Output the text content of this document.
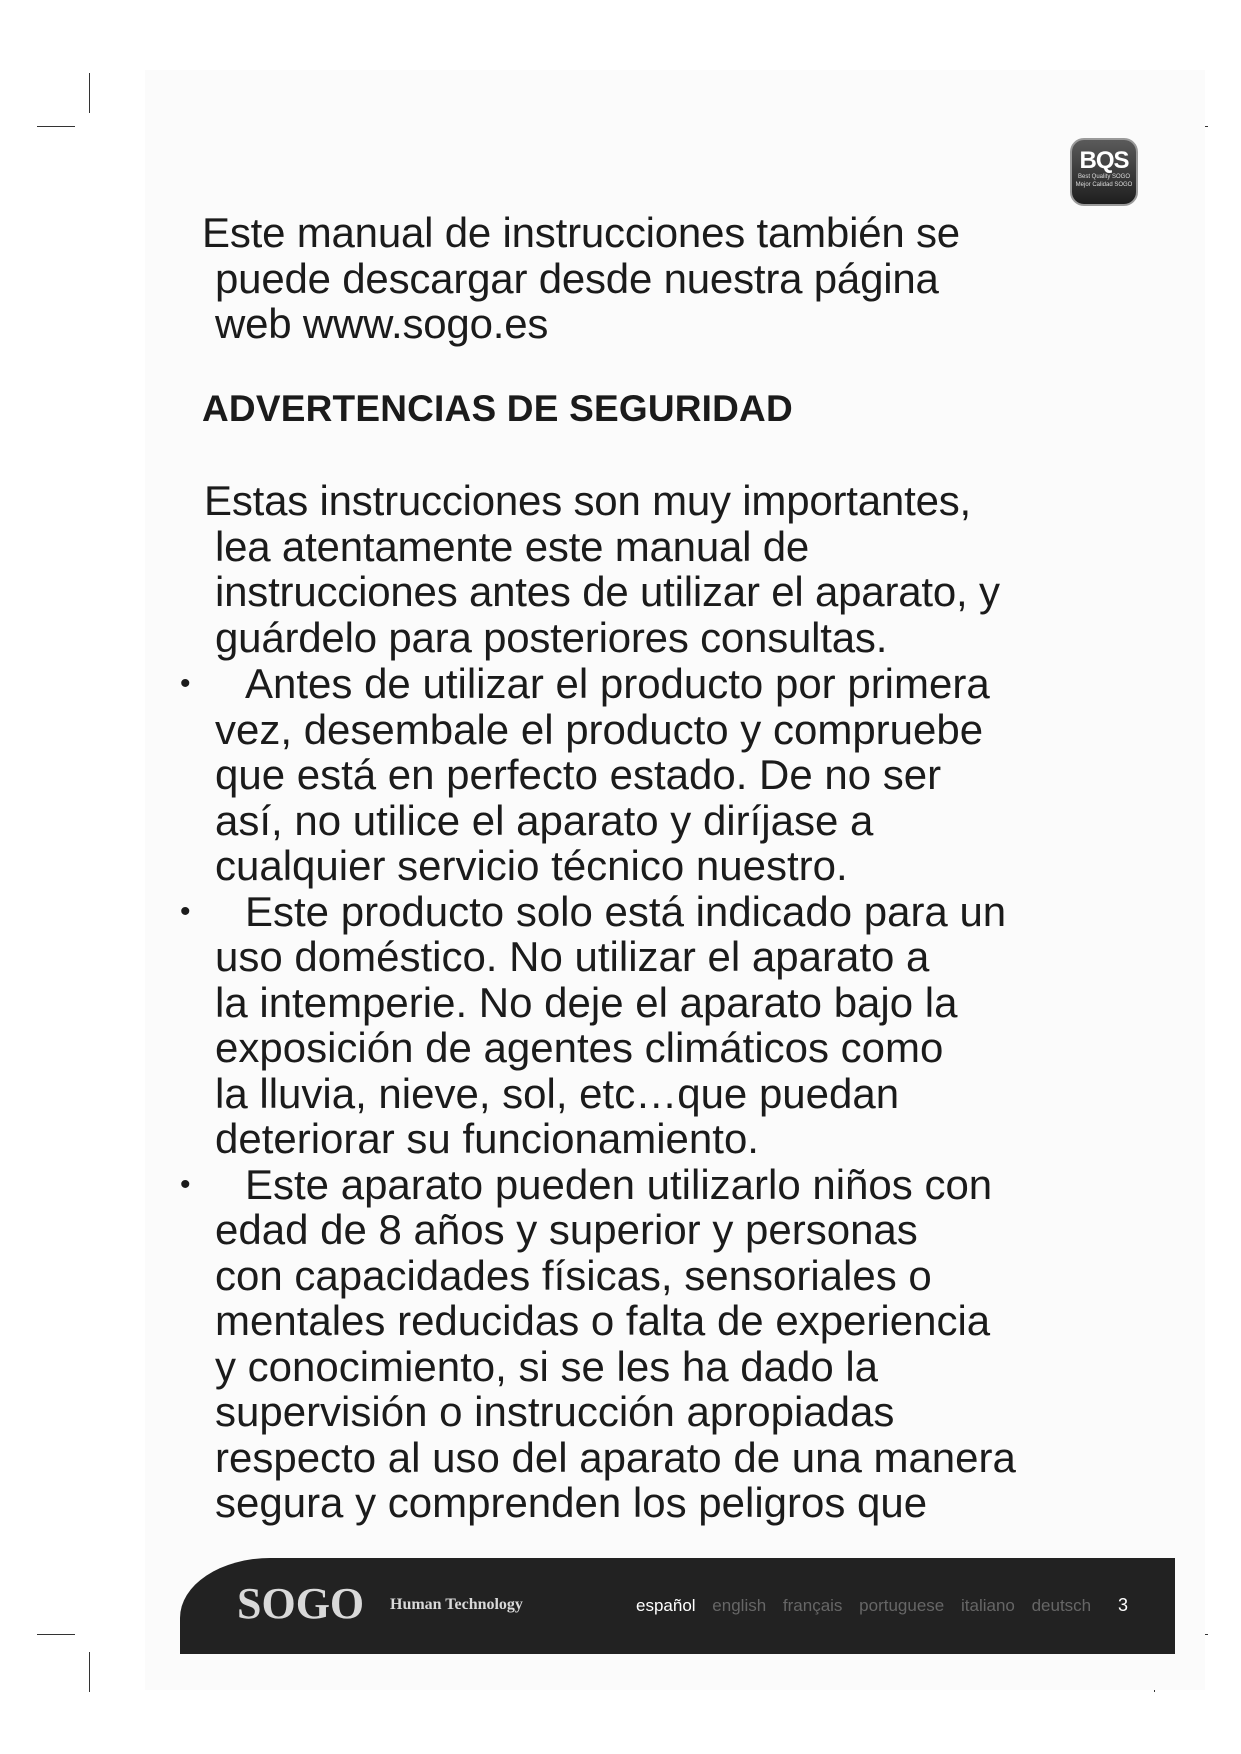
BQS
Best Quality SOGO
Mejor Calidad SOGO
Este manual de instrucciones también se
puede descargar desde nuestra página
web www.sogo.es
ADVERTENCIAS DE SEGURIDAD
Estas instrucciones son muy importantes,
lea atentamente este manual de
instrucciones antes de utilizar el aparato, y
guárdelo para posteriores consultas.
•	Antes de utilizar el producto por primera
vez, desembale el producto y compruebe
que está en perfecto estado. De no ser
así, no utilice el aparato y diríjase a
cualquier servicio técnico nuestro.
•	Este producto solo está indicado para un
uso doméstico. No utilizar el aparato a
la intemperie. No deje el aparato bajo la
exposición de agentes climáticos como
la lluvia, nieve, sol, etc…que puedan
deteriorar su funcionamiento.
•	Este aparato pueden utilizarlo niños con
edad de 8 años y superior y personas
con capacidades físicas, sensoriales o
mentales reducidas o falta de experiencia
y conocimiento, si se les ha dado la
supervisión o instrucción apropiadas
respecto al uso del aparato de una manera
segura y comprenden los peligros que
SOGO Human Technology	español english français portuguese italiano deutsch	3
